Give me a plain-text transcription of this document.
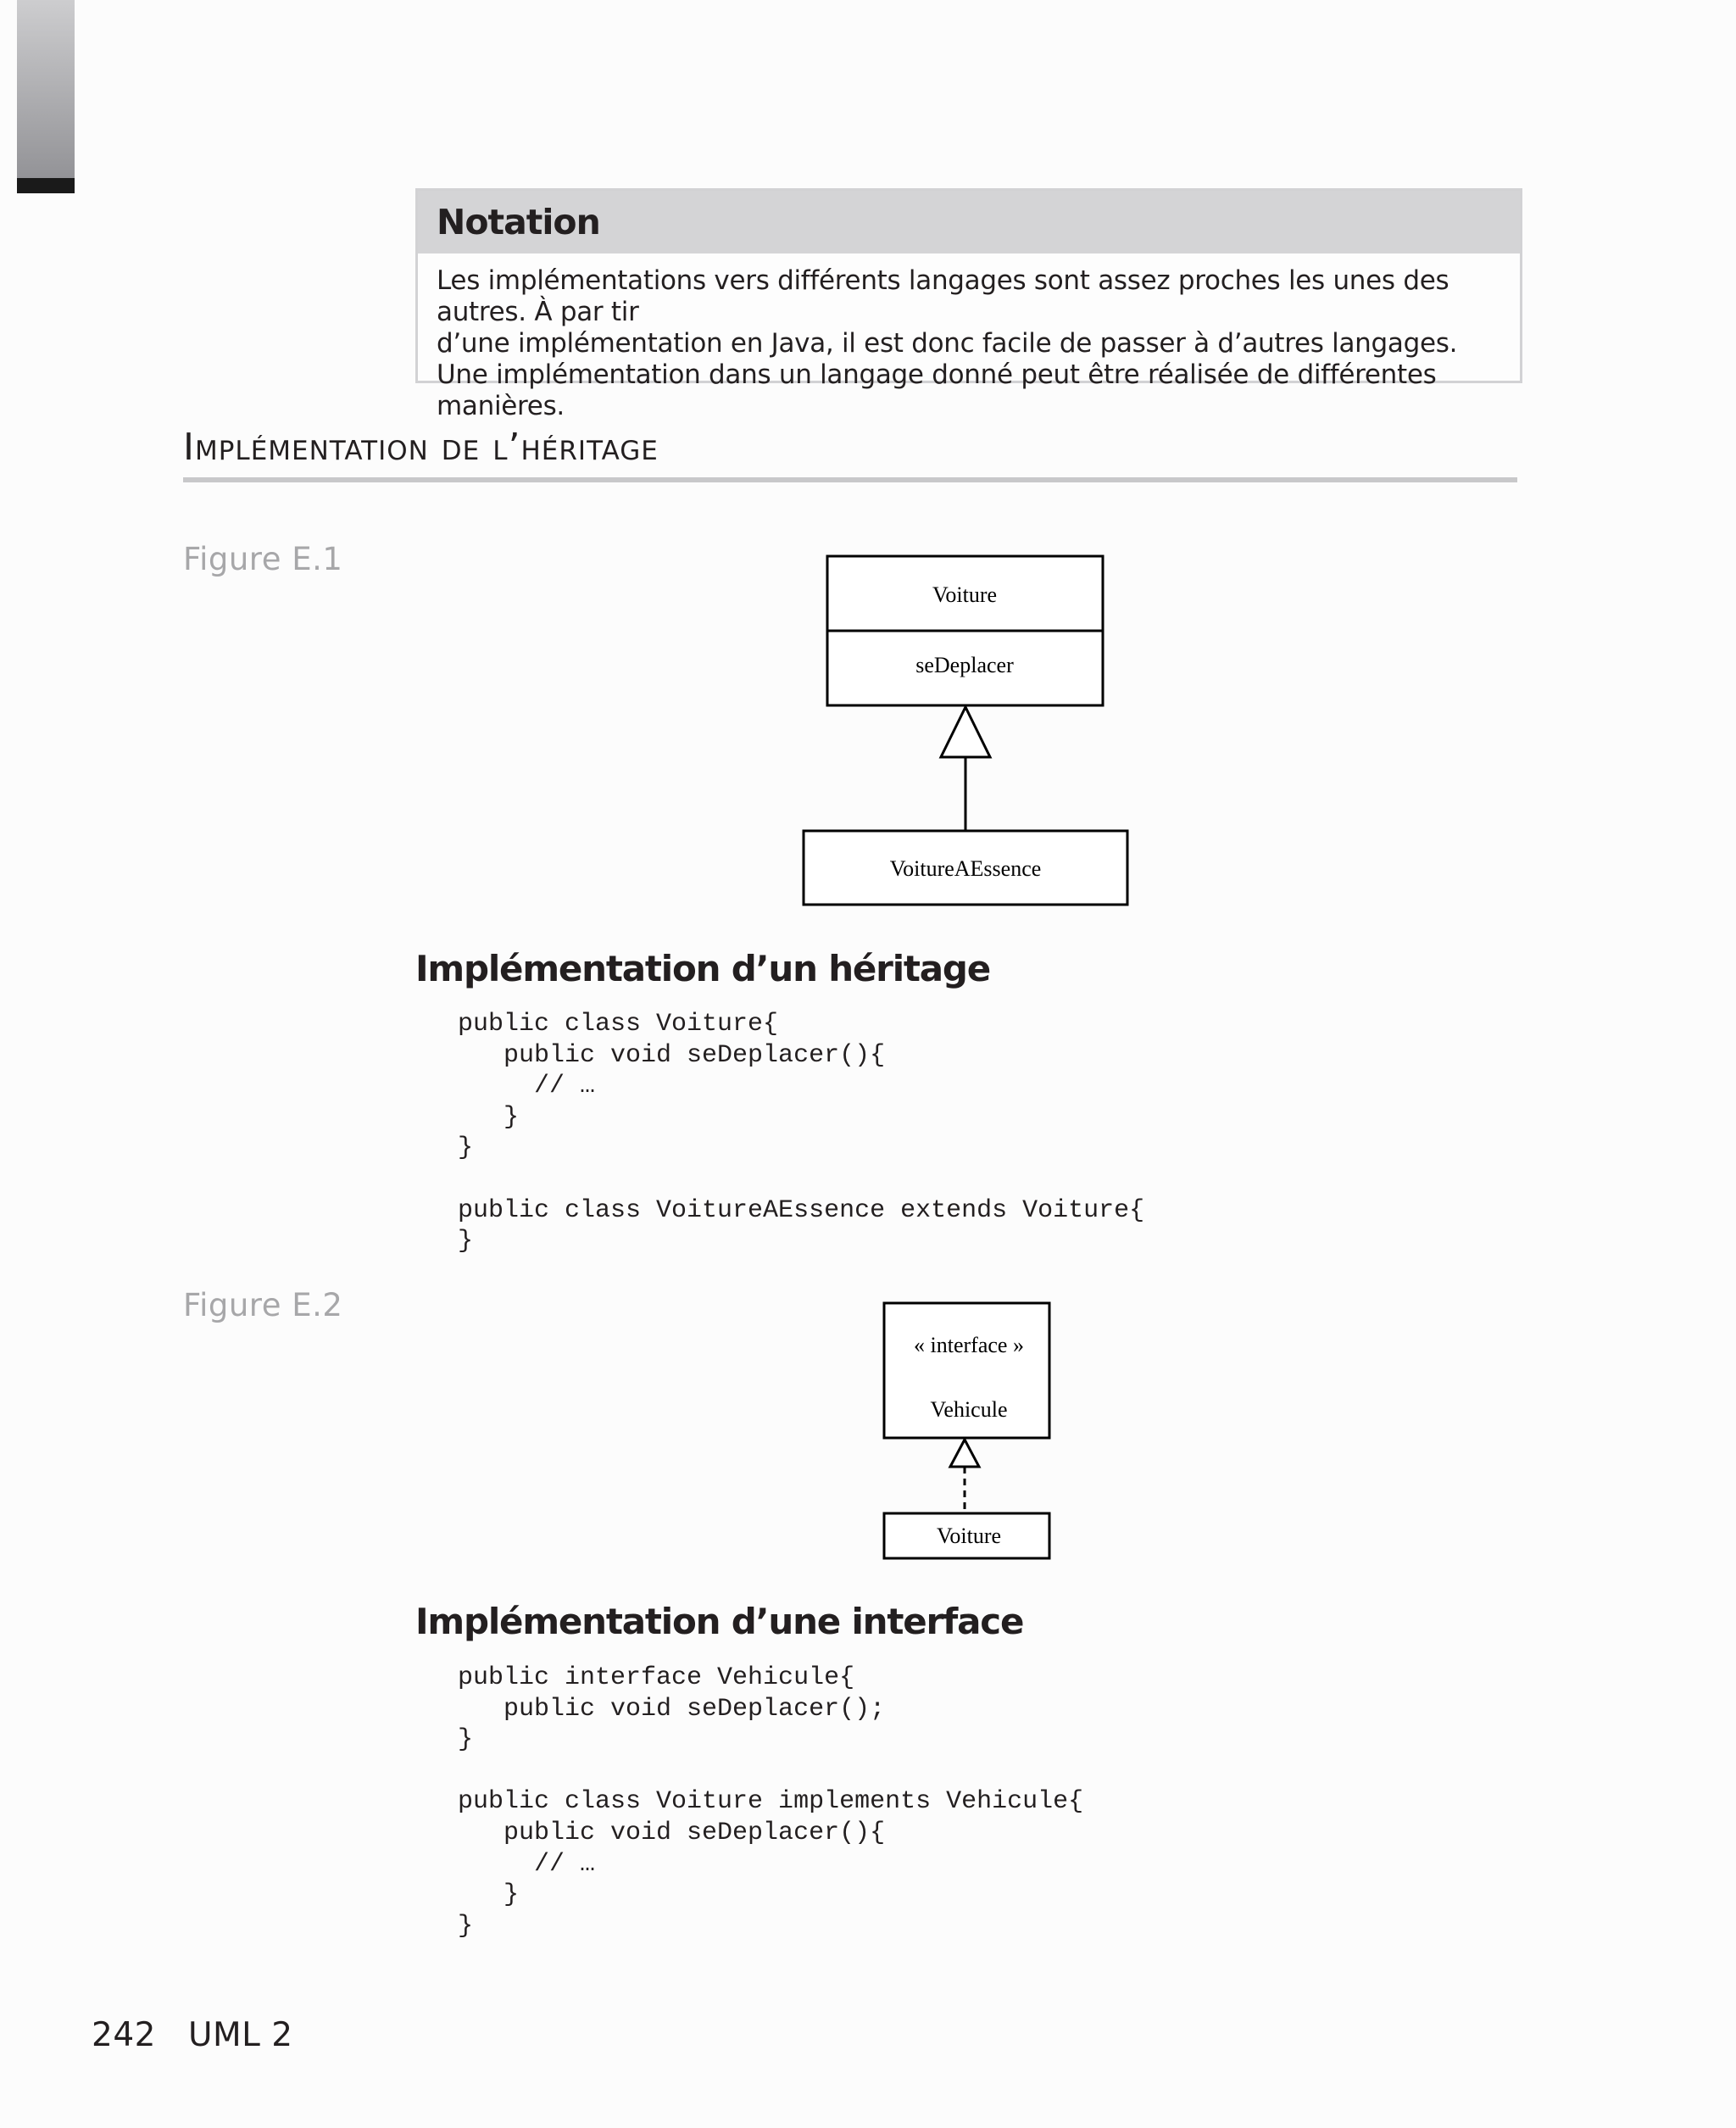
Notation

Les implémentations vers différents langages sont assez proches les unes des autres. À par tir

d’une implémentation en Java, il est donc facile de passer à d’autres langages.

Une implémentation dans un langage donné peut être réalisée de différentes manières.

Implémentation de l’héritage
Figure E.1
Voiture
seDeplacer
VoitureAEssence
Implémentation d’un héritage
public class Voiture{
public void seDeplacer(){
// …
}
}

public class VoitureAEssence extends Voiture{
}
Figure E.2
« interface »
Vehicule
Voiture
Implémentation d’une interface
public interface Vehicule{
public void seDeplacer();
}

public class Voiture implements Vehicule{
public void seDeplacer(){
// …
}
}
242 UML 2
